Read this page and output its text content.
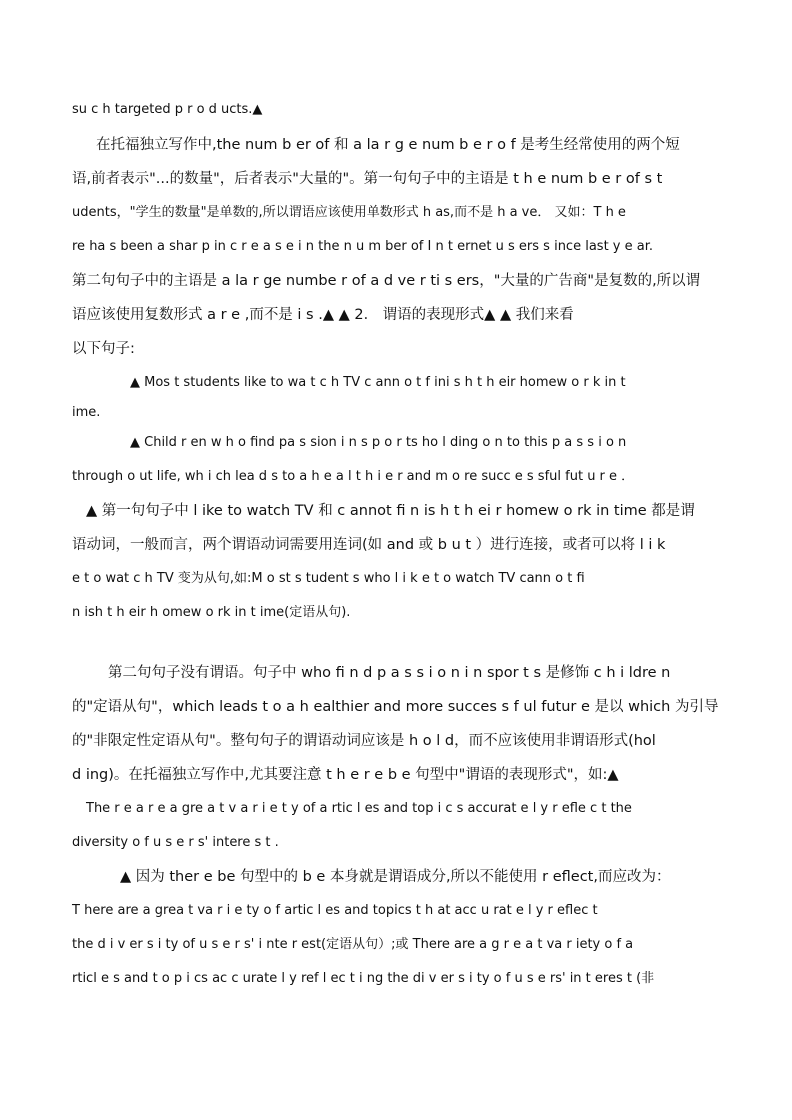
su c h targeted p r o d ucts.▲
在托福独立写作中,the num b er of 和 a la r g e num b e r o f 是考生经常使用的两个短
语,前者表示"...的数量"，后者表示"大量的"。第一句句子中的主语是 t h e num b e r of s t
udents，"学生的数量"是单数的,所以谓语应该使用单数形式 h as,而不是 h a ve． 又如：T h e
re ha s been a shar p in c r e a s e i n the n u m ber of I n t ernet u s ers s ince last y e ar.
第二句句子中的主语是 a la r ge numbe r of a d ve r ti s ers，"大量的广告商"是复数的,所以谓
语应该使用复数形式 a r e ,而不是 i s .▲ ▲ 2． 谓语的表现形式▲ ▲ 我们来看
以下句子:
▲ Mos t students like to wa t c h TV c ann o t f ini s h t h eir homew o r k in t
ime.
▲ Child r en w h o find pa s sion i n s p o r ts ho l ding o n to this p a s s i o n
through o ut life, wh i ch lea d s to a h e a l t h i e r and m o re succ e s sful fut u r e ．
▲ 第一句句子中 l ike to watch TV 和 c annot fi n is h t h ei r homew o rk in time 都是谓
语动词，一般而言，两个谓语动词需要用连词(如 and 或 b u t ）进行连接，或者可以将 l i k
e t o wat c h TV 变为从句,如:M o st s tudent s who l i k e t o watch TV cann o t fi
n ish t h eir h omew o rk in t ime(定语从句).
第二句句子没有谓语。句子中 who fi n d p a s s i o n i n spor t s 是修饰 c h i ldre n
的"定语从句"，which leads t o a h ealthier and more succes s f ul futur e 是以 which 为引导
的"非限定性定语从句"。整句句子的谓语动词应该是 h o l d，而不应该使用非谓语形式(hol
d ing)。在托福独立写作中,尤其要注意 t h e r e b e 句型中"谓语的表现形式"，如:▲
The r e a r e a gre a t v a r i e t y of a rtic l es and top i c s accurat e l y r efle c t the
diversity o f u s e r s' intere s t .
▲ 因为 ther e be 句型中的 b e 本身就是谓语成分,所以不能使用 r eflect,而应改为：
T here are a grea t va r i e ty o f artic l es and topics t h at acc u rat e l y r eflec t
the d i v er s i ty of u s e r s' i nte r est(定语从句）;或 There are a g r e a t va r iety o f a
rticl e s and t o p i cs ac c urate l y ref l ec t i ng the di v er s i ty o f u s e rs' in t eres t (非
